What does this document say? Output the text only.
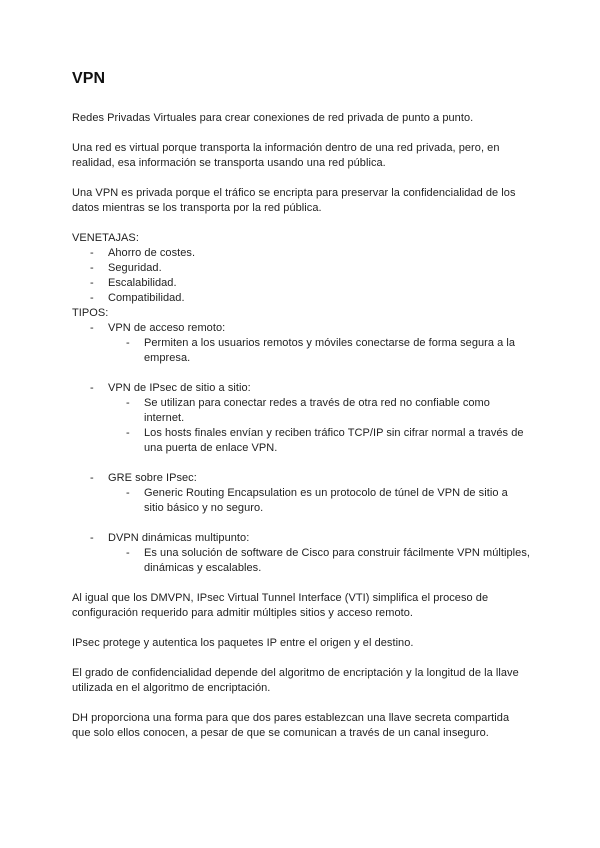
VPN

Redes Privadas Virtuales para crear conexiones de red privada de punto a punto.

Una red es virtual porque transporta la información dentro de una red privada, pero, en realidad, esa información se transporta usando una red pública.

Una VPN es privada porque el tráfico se encripta para preservar la confidencialidad de los datos mientras se los transporta por la red pública.

VENETAJAS:
- Ahorro de costes.
- Seguridad.
- Escalabilidad.
- Compatibilidad.
TIPOS:
- VPN de acceso remoto:
- Permiten a los usuarios remotos y móviles conectarse de forma segura a la empresa.
- VPN de IPsec de sitio a sitio:
- Se utilizan para conectar redes a través de otra red no confiable como internet.
- Los hosts finales envían y reciben tráfico TCP/IP sin cifrar normal a través de una puerta de enlace VPN.
- GRE sobre IPsec:
- Generic Routing Encapsulation es un protocolo de túnel de VPN de sitio a sitio básico y no seguro.
- DVPN dinámicas multipunto:
- Es una solución de software de Cisco para construir fácilmente VPN múltiples, dinámicas y escalables.

Al igual que los DMVPN, IPsec Virtual Tunnel Interface (VTI) simplifica el proceso de configuración requerido para admitir múltiples sitios y acceso remoto.

IPsec protege y autentica los paquetes IP entre el origen y el destino.

El grado de confidencialidad depende del algoritmo de encriptación y la longitud de la llave utilizada en el algoritmo de encriptación.

DH proporciona una forma para que dos pares establezcan una llave secreta compartida que solo ellos conocen, a pesar de que se comunican a través de un canal inseguro.
